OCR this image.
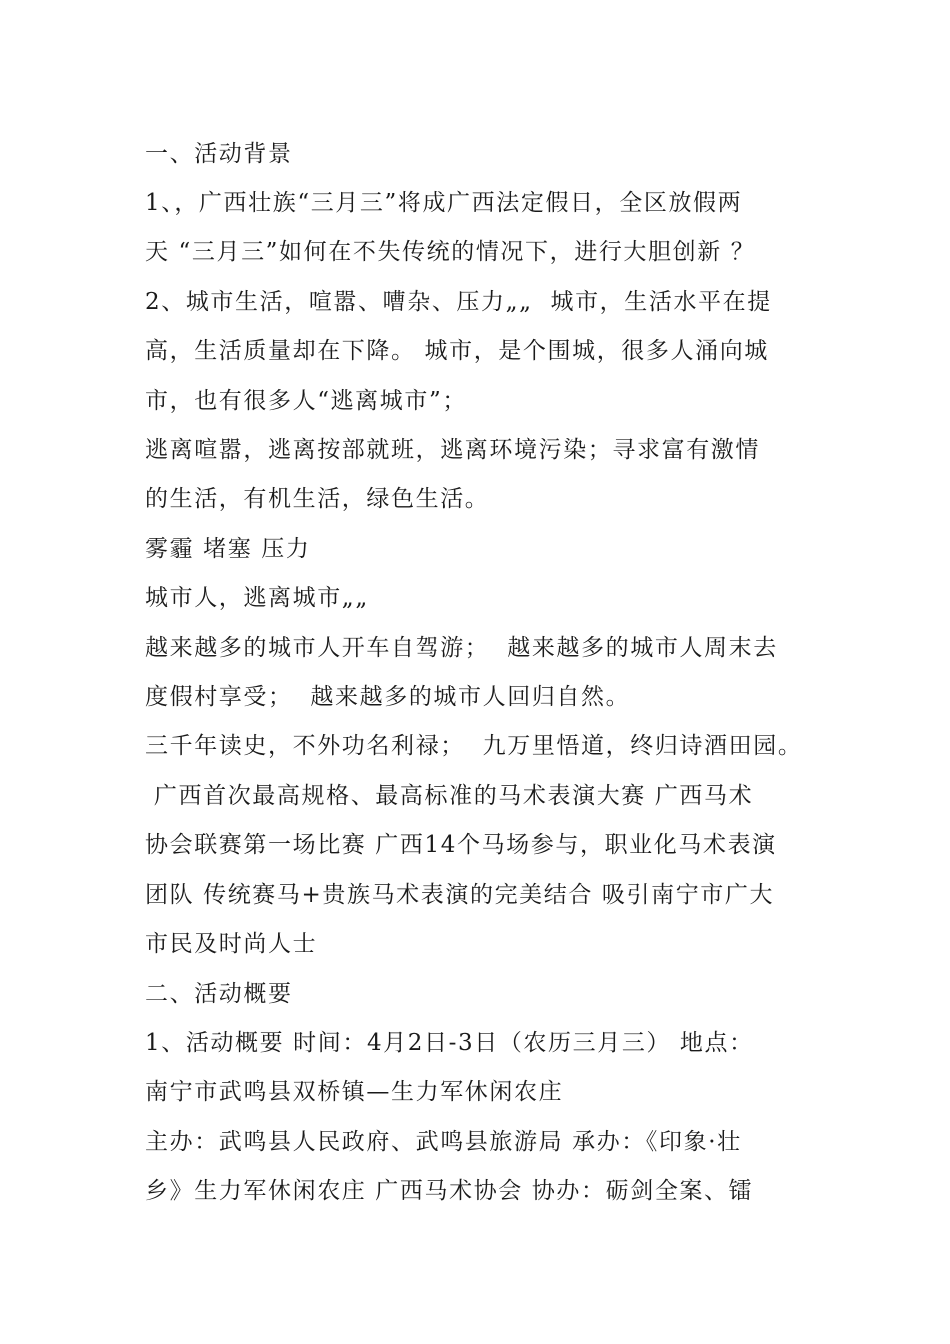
一、活动背景
1、，广西壮族“三月三”将成广西法定假日，全区放假两
天 “三月三”如何在不失传统的情况下，进行大胆创新 ？
2、城市生活，喧嚣、嘈杂、压力„„  城市，生活水平在提
高，生活质量却在下降。 城市，是个围城，很多人涌向城
市，也有很多人“逃离城市”；
逃离喧嚣，逃离按部就班，逃离环境污染；寻求富有激情
的生活，有机生活，绿色生活。
雾霾 堵塞 压力
城市人，逃离城市„„
越来越多的城市人开车自驾游；  越来越多的城市人周末去
度假村享受；  越来越多的城市人回归自然。
三千年读史，不外功名利禄；  九万里悟道，终归诗酒田园。
广西首次最高规格、最高标准的马术表演大赛 广西马术
协会联赛第一场比赛 广西14个马场参与，职业化马术表演
团队 传统赛马+贵族马术表演的完美结合 吸引南宁市广大
市民及时尚人士
二、活动概要
1、活动概要 时间：4月2日-3日（农历三月三） 地点：
南宁市武鸣县双桥镇—生力军休闲农庄
主办：武鸣县人民政府、武鸣县旅游局 承办：《印象·壮
乡》生力军休闲农庄 广西马术协会 协办：砺剑全案、镭
